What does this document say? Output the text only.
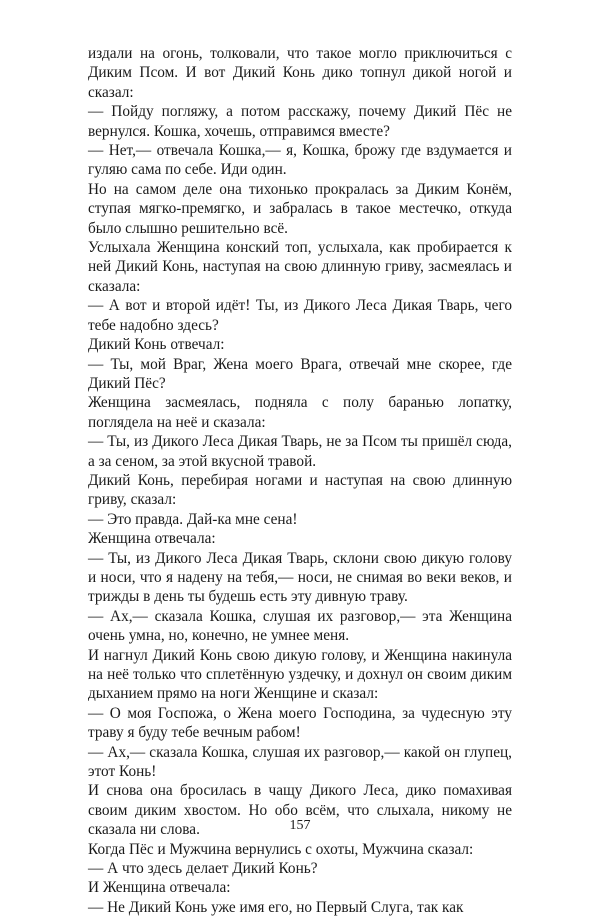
издали на огонь, толковали, что такое могло приключиться с Диким Псом. И вот Дикий Конь дико топнул дикой ногой и сказал:

— Пойду погляжу, а потом расскажу, почему Дикий Пёс не вернулся. Кошка, хочешь, отправимся вместе?

— Нет,— отвечала Кошка,— я, Кошка, брожу где вздумается и гуляю сама по себе. Иди один.

Но на самом деле она тихонько прокралась за Диким Конём, ступая мягко-премягко, и забралась в такое местечко, откуда было слышно решительно всё.

Услыхала Женщина конский топ, услыхала, как пробирается к ней Дикий Конь, наступая на свою длинную гриву, засмеялась и сказала:

— А вот и второй идёт! Ты, из Дикого Леса Дикая Тварь, чего тебе надобно здесь?

Дикий Конь отвечал:

— Ты, мой Враг, Жена моего Врага, отвечай мне скорее, где Дикий Пёс?

Женщина засмеялась, подняла с полу баранью лопатку, поглядела на неё и сказала:

— Ты, из Дикого Леса Дикая Тварь, не за Псом ты пришёл сюда, а за сеном, за этой вкусной травой.

Дикий Конь, перебирая ногами и наступая на свою длинную гриву, сказал:

— Это правда. Дай-ка мне сена!

Женщина отвечала:

— Ты, из Дикого Леса Дикая Тварь, склони свою дикую голову и носи, что я надену на тебя,— носи, не снимая во веки веков, и трижды в день ты будешь есть эту дивную траву.

— Ах,— сказала Кошка, слушая их разговор,— эта Женщина очень умна, но, конечно, не умнее меня.

И нагнул Дикий Конь свою дикую голову, и Женщина накинула на неё только что сплетённую уздечку, и дохнул он своим диким дыханием прямо на ноги Женщине и сказал:

— О моя Госпожа, о Жена моего Господина, за чудесную эту траву я буду тебе вечным рабом!

— Ах,— сказала Кошка, слушая их разговор,— какой он глупец, этот Конь!

И снова она бросилась в чащу Дикого Леса, дико помахивая своим диким хвостом. Но обо всём, что слыхала, никому не сказала ни слова.

Когда Пёс и Мужчина вернулись с охоты, Мужчина сказал:

— А что здесь делает Дикий Конь?

И Женщина отвечала:

— Не Дикий Конь уже имя его, но Первый Слуга, так как

157
